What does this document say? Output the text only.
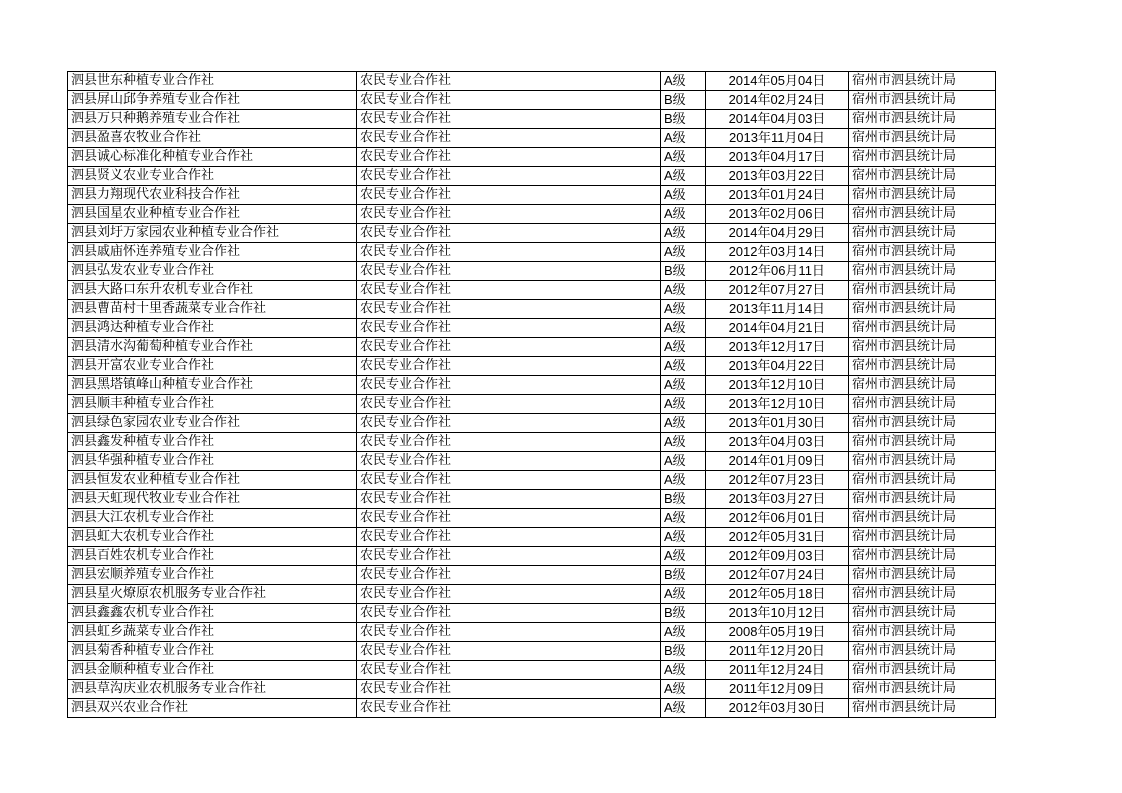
泗县世东种植专业合作社	农民专业合作社	A级	2014年05月04日	宿州市泗县统计局
泗县屏山邱争养殖专业合作社	农民专业合作社	B级	2014年02月24日	宿州市泗县统计局
泗县万只种鹅养殖专业合作社	农民专业合作社	B级	2014年04月03日	宿州市泗县统计局
泗县盈喜农牧业合作社	农民专业合作社	A级	2013年11月04日	宿州市泗县统计局
泗县诚心标准化种植专业合作社	农民专业合作社	A级	2013年04月17日	宿州市泗县统计局
泗县贤义农业专业合作社	农民专业合作社	A级	2013年03月22日	宿州市泗县统计局
泗县力翔现代农业科技合作社	农民专业合作社	A级	2013年01月24日	宿州市泗县统计局
泗县国星农业种植专业合作社	农民专业合作社	A级	2013年02月06日	宿州市泗县统计局
泗县刘圩万家园农业种植专业合作社	农民专业合作社	A级	2014年04月29日	宿州市泗县统计局
泗县戚庙怀连养殖专业合作社	农民专业合作社	A级	2012年03月14日	宿州市泗县统计局
泗县弘发农业专业合作社	农民专业合作社	B级	2012年06月11日	宿州市泗县统计局
泗县大路口东升农机专业合作社	农民专业合作社	A级	2012年07月27日	宿州市泗县统计局
泗县曹苗村十里香蔬菜专业合作社	农民专业合作社	A级	2013年11月14日	宿州市泗县统计局
泗县鸿达种植专业合作社	农民专业合作社	A级	2014年04月21日	宿州市泗县统计局
泗县清水沟葡萄种植专业合作社	农民专业合作社	A级	2013年12月17日	宿州市泗县统计局
泗县开富农业专业合作社	农民专业合作社	A级	2013年04月22日	宿州市泗县统计局
泗县黑塔镇峰山种植专业合作社	农民专业合作社	A级	2013年12月10日	宿州市泗县统计局
泗县顺丰种植专业合作社	农民专业合作社	A级	2013年12月10日	宿州市泗县统计局
泗县绿色家园农业专业合作社	农民专业合作社	A级	2013年01月30日	宿州市泗县统计局
泗县鑫发种植专业合作社	农民专业合作社	A级	2013年04月03日	宿州市泗县统计局
泗县华强种植专业合作社	农民专业合作社	A级	2014年01月09日	宿州市泗县统计局
泗县恒发农业种植专业合作社	农民专业合作社	A级	2012年07月23日	宿州市泗县统计局
泗县天虹现代牧业专业合作社	农民专业合作社	B级	2013年03月27日	宿州市泗县统计局
泗县大江农机专业合作社	农民专业合作社	A级	2012年06月01日	宿州市泗县统计局
泗县虹大农机专业合作社	农民专业合作社	A级	2012年05月31日	宿州市泗县统计局
泗县百姓农机专业合作社	农民专业合作社	A级	2012年09月03日	宿州市泗县统计局
泗县宏顺养殖专业合作社	农民专业合作社	B级	2012年07月24日	宿州市泗县统计局
泗县星火燎原农机服务专业合作社	农民专业合作社	A级	2012年05月18日	宿州市泗县统计局
泗县鑫鑫农机专业合作社	农民专业合作社	B级	2013年10月12日	宿州市泗县统计局
泗县虹乡蔬菜专业合作社	农民专业合作社	A级	2008年05月19日	宿州市泗县统计局
泗县菊香种植专业合作社	农民专业合作社	B级	2011年12月20日	宿州市泗县统计局
泗县金顺种植专业合作社	农民专业合作社	A级	2011年12月24日	宿州市泗县统计局
泗县草沟庆业农机服务专业合作社	农民专业合作社	A级	2011年12月09日	宿州市泗县统计局
泗县双兴农业合作社	农民专业合作社	A级	2012年03月30日	宿州市泗县统计局
